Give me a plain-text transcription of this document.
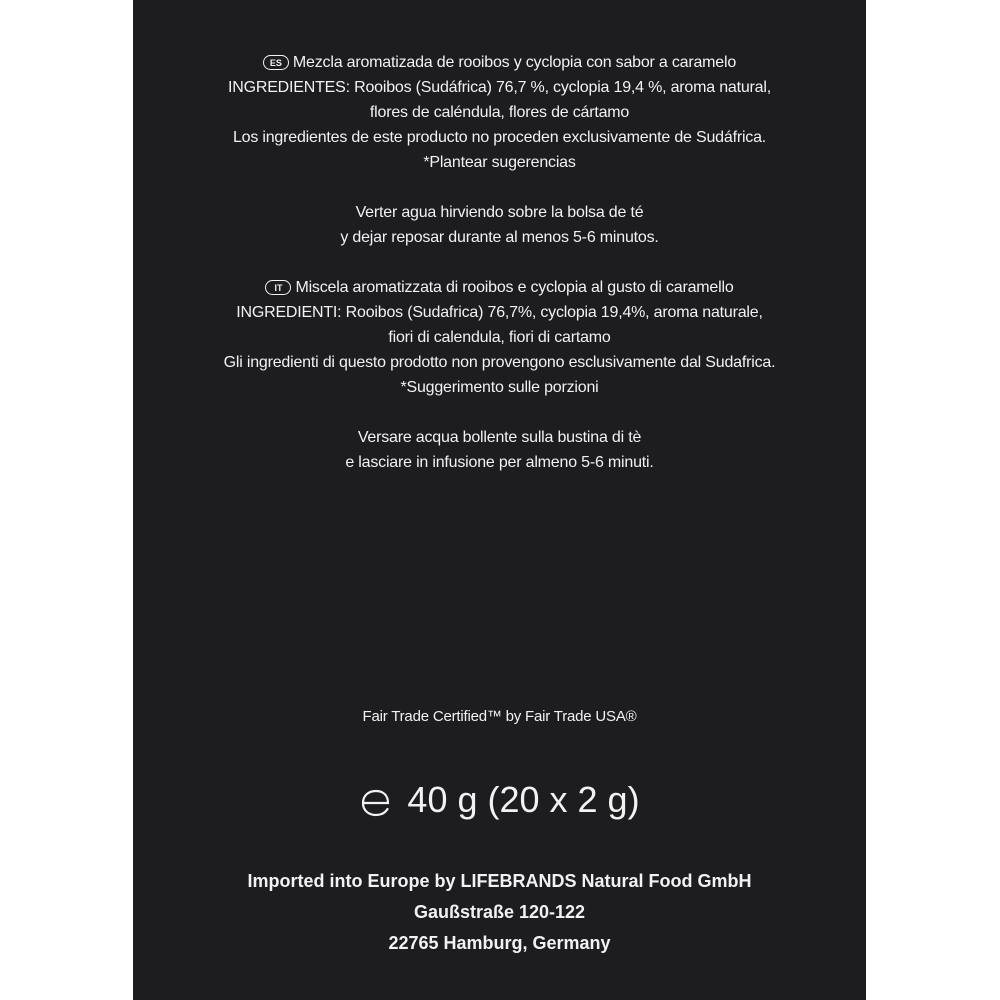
ES Mezcla aromatizada de rooibos y cyclopia con sabor a caramelo
INGREDIENTES: Rooibos (Sudáfrica) 76,7 %, cyclopia 19,4 %, aroma natural,
flores de caléndula, flores de cártamo
Los ingredientes de este producto no proceden exclusivamente de Sudáfrica.
*Plantear sugerencias
Verter agua hirviendo sobre la bolsa de té
y dejar reposar durante al menos 5-6 minutos.
IT Miscela aromatizzata di rooibos e cyclopia al gusto di caramello
INGREDIENTI: Rooibos (Sudafrica) 76,7%, cyclopia 19,4%, aroma naturale,
fiori di calendula, fiori di cartamo
Gli ingredienti di questo prodotto non provengono esclusivamente dal Sudafrica.
*Suggerimento sulle porzioni
Versare acqua bollente sulla bustina di tè
e lasciare in infusione per almeno 5-6 minuti.
Fair Trade Certified™ by Fair Trade USA®
40 g (20 x 2 g)
Imported into Europe by LIFEBRANDS Natural Food GmbH
Gaußstraße 120-122
22765 Hamburg, Germany
